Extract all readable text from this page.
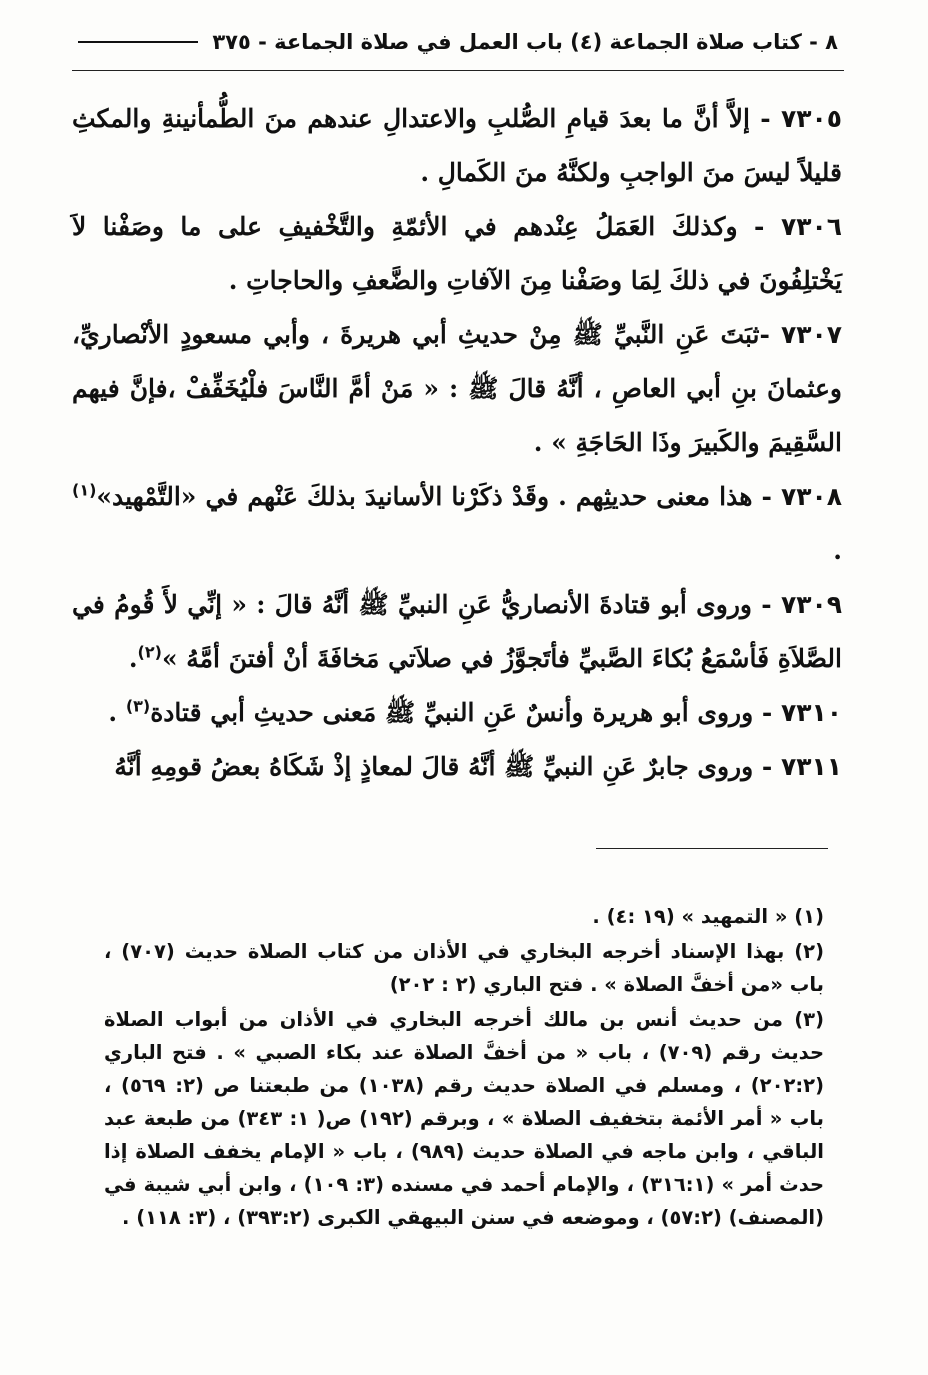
٨ - كتاب صلاة الجماعة (٤) باب العمل في صلاة الجماعة - ٣٧٥

٧٣٠٥ - إلاَّ أنَّ ما بعدَ قيامِ الصُّلبِ والاعتدالِ عندهم منَ الطُّمأنينةِ والمكثِ قليلاً ليسَ منَ الواجبِ ولكنَّهُ منَ الكَمالِ .

٧٣٠٦ - وكذلكَ العَمَلُ عِنْدهم في الأئمّةِ والتَّخْفيفِ على ما وصَفْنا لاَ يَخْتلِفُونَ في ذلكَ لِمَا وصَفْنا مِنَ الآفاتِ والضَّعفِ والحاجاتِ .

٧٣٠٧ -ثبَتَ عَنِ النَّبيِّ ﷺ مِنْ حديثِ أبي هريرةَ ، وأبي مسعودٍ الأنْصاريِّ، وعثمانَ بنِ أبي العاصِ ، أنَّهُ قالَ ﷺ : « مَنْ أمَّ النَّاسَ فلْيُخَفِّفْ ،فإنَّ فيهم السَّقِيمَ والكَبيرَ وذَا الحَاجَةِ » .

٧٣٠٨ - هذا معنى حديثِهم . وقَدْ ذكَرْنا الأسانيدَ بذلكَ عَنْهم في «التَّمْهيد»$^{(١)}$ .

٧٣٠٩ - وروى أبو قتادةَ الأنصاريُّ عَنِ النبيِّ ﷺ أنَّهُ قالَ : « إنِّي لأَ قُومُ في الصَّلاَةِ فَأسْمَعُ بُكاءَ الصَّبيِّ فأتَجوَّزُ في صلاَتي مَخافَةَ أنْ أفتنَ أمَّهُ »$^{(٢)}$.

٧٣١٠ - وروى أبو هريرة وأنسٌ عَنِ النبيِّ ﷺ مَعنى حديثِ أبي قتادة$^{(٣)}$ .

٧٣١١ - وروى جابرٌ عَنِ النبيِّ ﷺ أنَّهُ قالَ لمعاذٍ إذْ شَكَاهُ بعضُ قومِهِ أنَّهُ

(١) « التمهيد » (١٩ :٤) .

(٢) بهذا الإسناد أخرجه البخاري في الأذان من كتاب الصلاة حديث (٧٠٧) ، باب «من أخفَّ الصلاة » . فتح الباري (٢ : ٢٠٢)

(٣) من حديث أنس بن مالك أخرجه البخاري في الأذان من أبواب الصلاة حديث رقم (٧٠٩) ، باب « من أخفَّ الصلاة عند بكاء الصبي » . فتح الباري (٢٠٢:٢) ، ومسلم في الصلاة حديث رقم (١٠٣٨) من طبعتنا ص (٢: ٥٦٩) ، باب « أمر الأئمة بتخفيف الصلاة » ، وبرقم (١٩٢) ص( ١: ٣٤٣) من طبعة عبد الباقي ، وابن ماجه في الصلاة حديث (٩٨٩) ، باب « الإمام يخفف الصلاة إذا حدث أمر » (٣١٦:١) ، والإمام أحمد في مسنده (٣: ١٠٩) ، وابن أبي شيبة في (المصنف) (٥٧:٢) ، وموضعه في سنن البيهقي الكبرى (٣٩٣:٢) ، (٣: ١١٨) .
